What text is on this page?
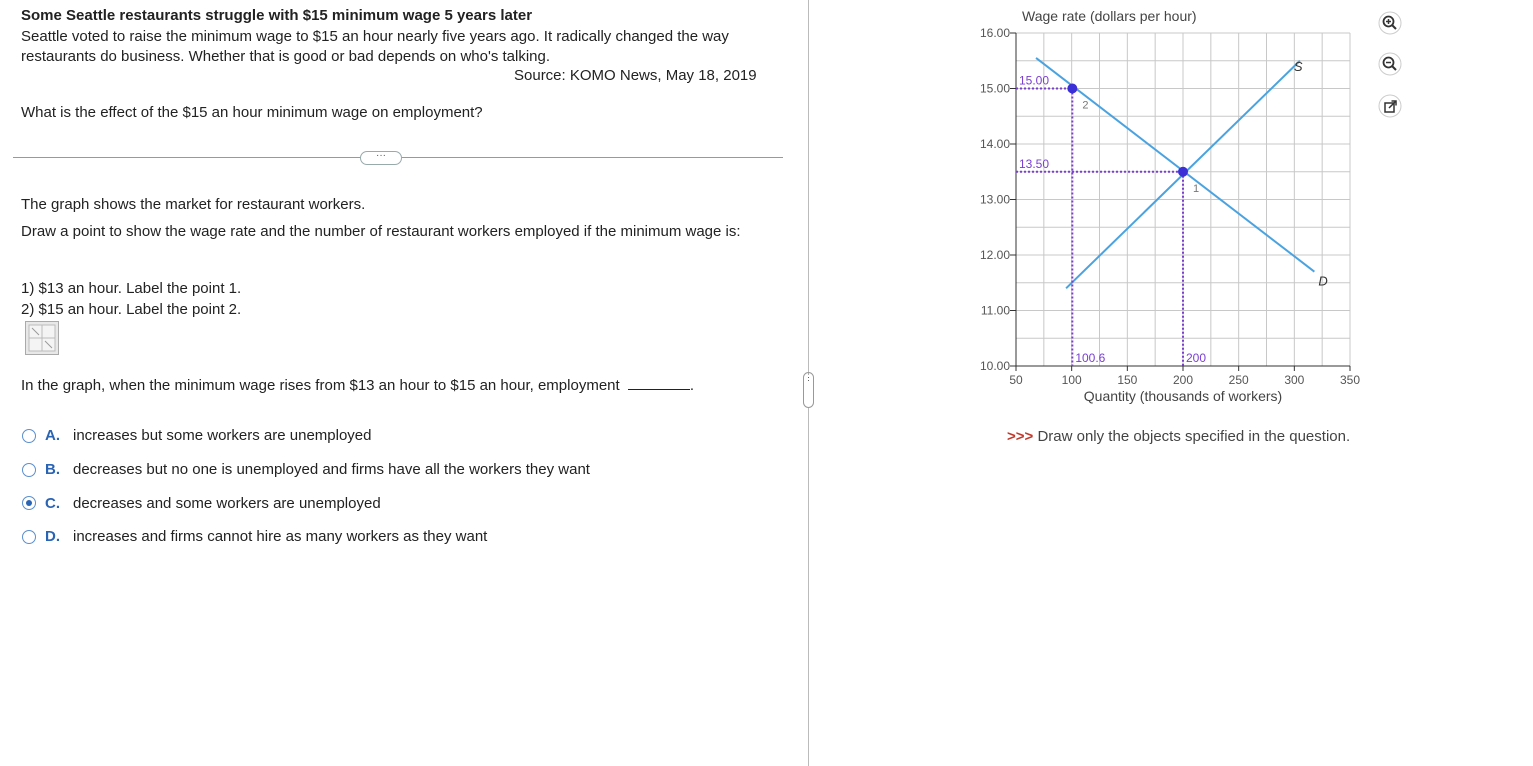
Some Seattle restaurants struggle with $15 minimum wage 5 years later
Seattle voted to raise the minimum wage to $15 an hour nearly five years ago. It radically changed the way restaurants do business. Whether that is good or bad depends on who's talking.
Source: KOMO News, May 18, 2019
What is the effect of the $15 an hour minimum wage on employment?
···
The graph shows the market for restaurant workers.
Draw a point to show the wage rate and the number of restaurant workers employed if the minimum wage is:
1) $13 an hour. Label the point 1.
2) $15 an hour. Label the point 2.
In the graph, when the minimum wage rises from $13 an hour to $15 an hour, employment	.
A. increases but some workers are unemployed
B. decreases but no one is unemployed and firms have all the workers they want
C. decreases and some workers are unemployed
D. increases and firms cannot hire as many workers as they want
⋮
16.00
15.00
14.00
13.00
12.00
11.00
10.00
50	100	150	200	250	300	350
Wage rate (dollars per hour)
Quantity (thousands of workers)
S
D
1
13.50
200
2
15.00
100.6
>>> Draw only the objects specified in the question.
